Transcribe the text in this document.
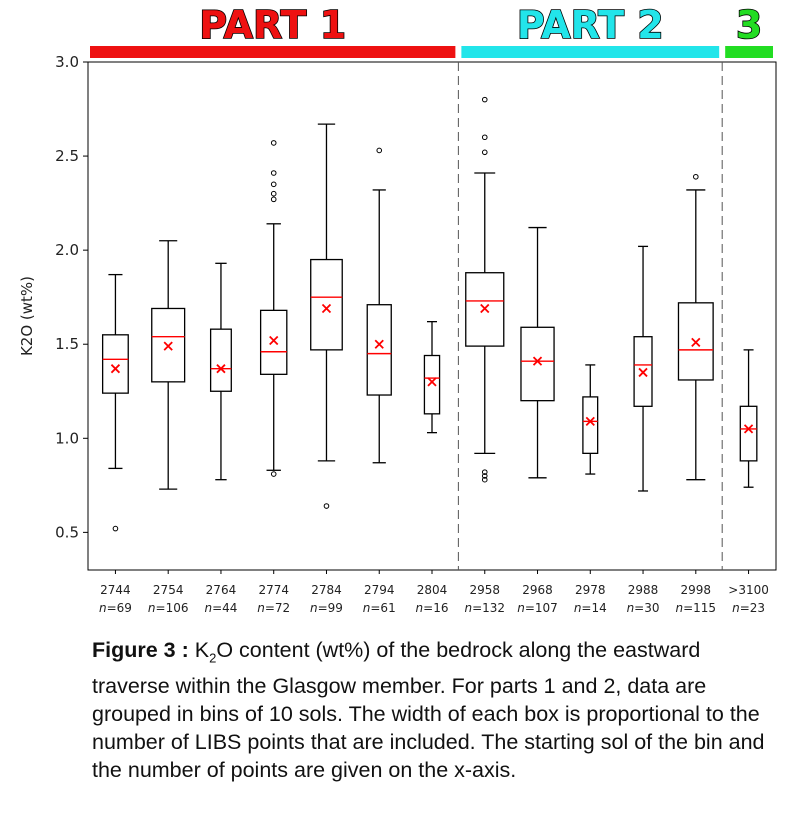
PART 1	PART 2 3
0.5
1.0
1.5
2.0
2.5
3.0
2744
n=69
2754
n=106
2764
n=44
2774
n=72
2784
n=99
2794
n=61
2804
n=16
2958
n=132
2968
n=107
2978
n=14
2988
n=30
2998
n=115
>3100
n=23
K2O (wt%)

Figure 3 : $K_2O$ content (wt%) of the bedrock along the eastward traverse within the Glasgow member. For parts 1 and 2, data are grouped in bins of 10 sols. The width of each box is proportional to the number of LIBS points that are included. The starting sol of the bin and the number of points are given on the x-axis.
